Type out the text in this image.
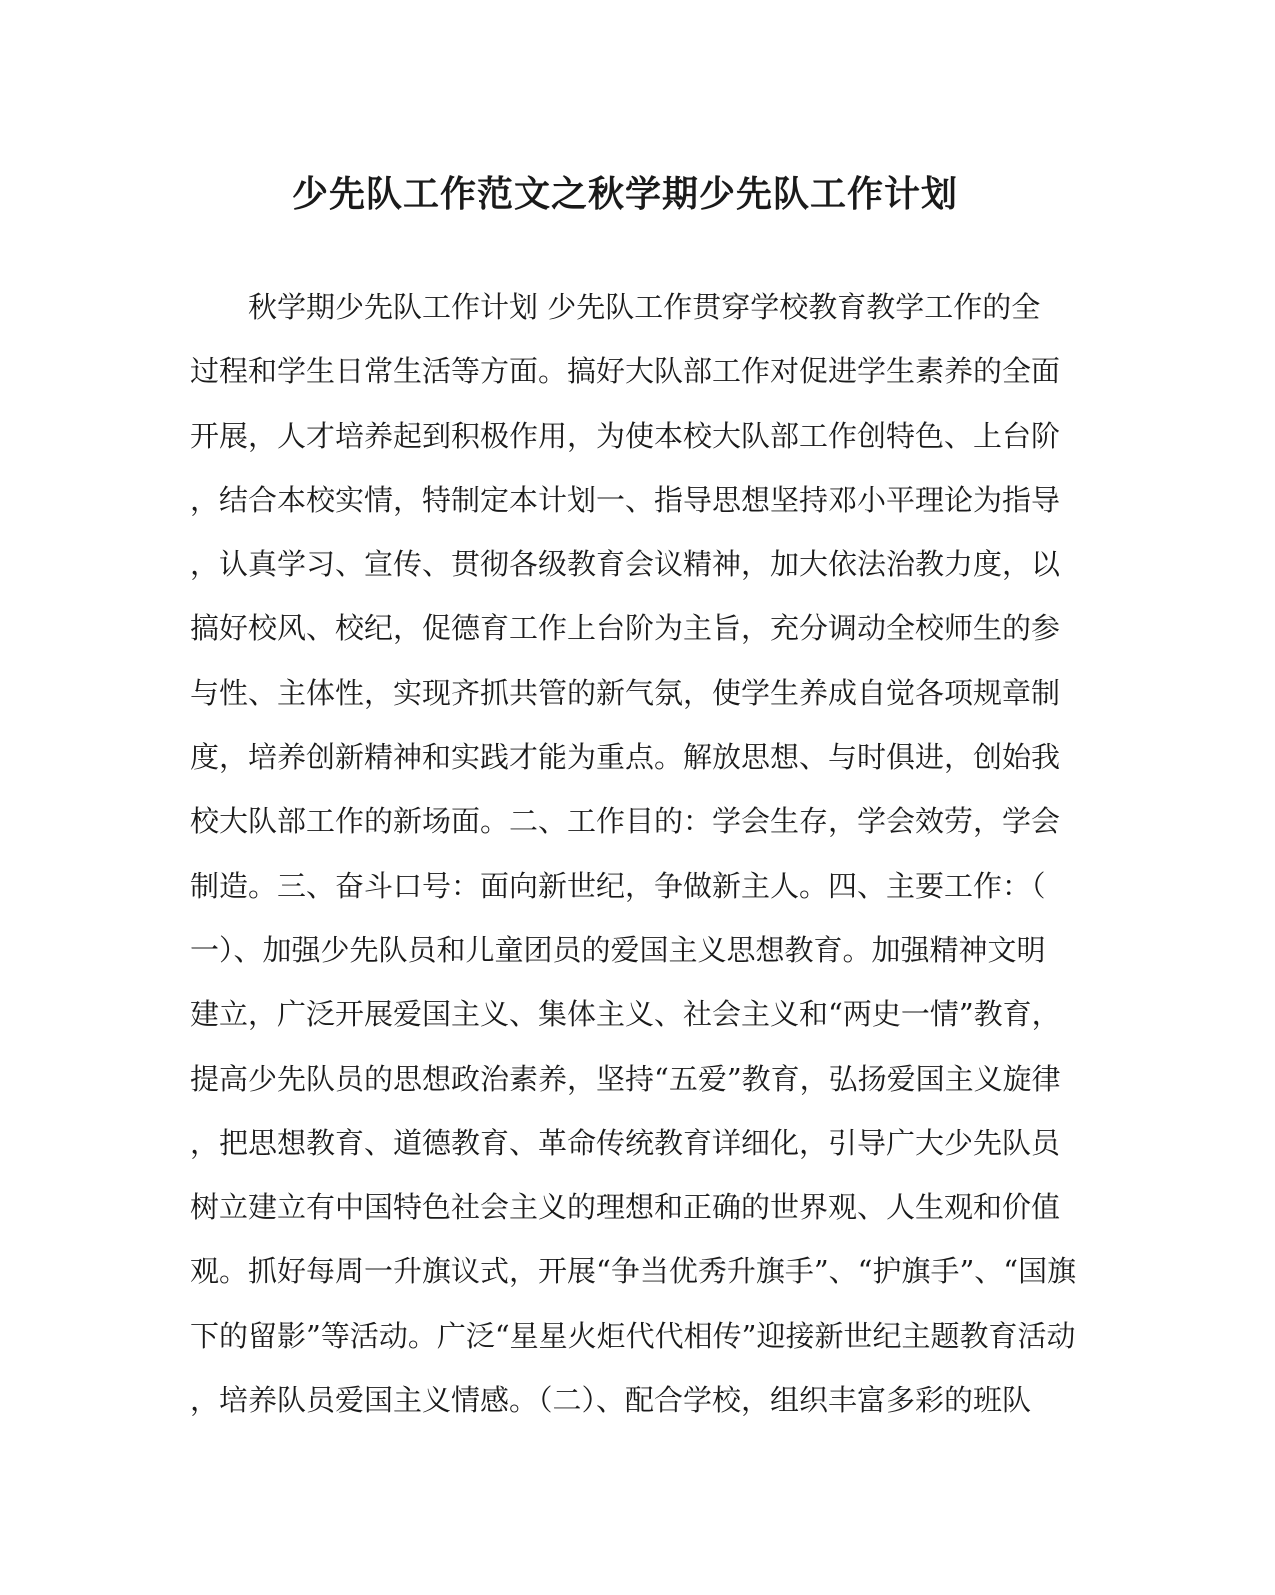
少先队工作范文之秋学期少先队工作计划
秋学期少先队工作计划 少先队工作贯穿学校教育教学工作的全
过程和学生日常生活等方面。搞好大队部工作对促进学生素养的全面
开展，人才培养起到积极作用，为使本校大队部工作创特色、上台阶
，结合本校实情，特制定本计划一、指导思想坚持邓小平理论为指导
，认真学习、宣传、贯彻各级教育会议精神，加大依法治教力度，以
搞好校风、校纪，促德育工作上台阶为主旨，充分调动全校师生的参
与性、主体性，实现齐抓共管的新气氛，使学生养成自觉各项规章制
度，培养创新精神和实践才能为重点。解放思想、与时俱进，创始我
校大队部工作的新场面。二、工作目的：学会生存，学会效劳，学会
制造。三、奋斗口号：面向新世纪，争做新主人。四、主要工作：（
一）、加强少先队员和儿童团员的爱国主义思想教育。加强精神文明
建立，广泛开展爱国主义、集体主义、社会主义和“两史一情”教育，
提高少先队员的思想政治素养，坚持“五爱”教育，弘扬爱国主义旋律
，把思想教育、道德教育、革命传统教育详细化，引导广大少先队员
树立建立有中国特色社会主义的理想和正确的世界观、人生观和价值
观。抓好每周一升旗议式，开展“争当优秀升旗手”、“护旗手”、“国旗
下的留影”等活动。广泛“星星火炬代代相传”迎接新世纪主题教育活动
，培养队员爱国主义情感。（二）、配合学校，组织丰富多彩的班队
